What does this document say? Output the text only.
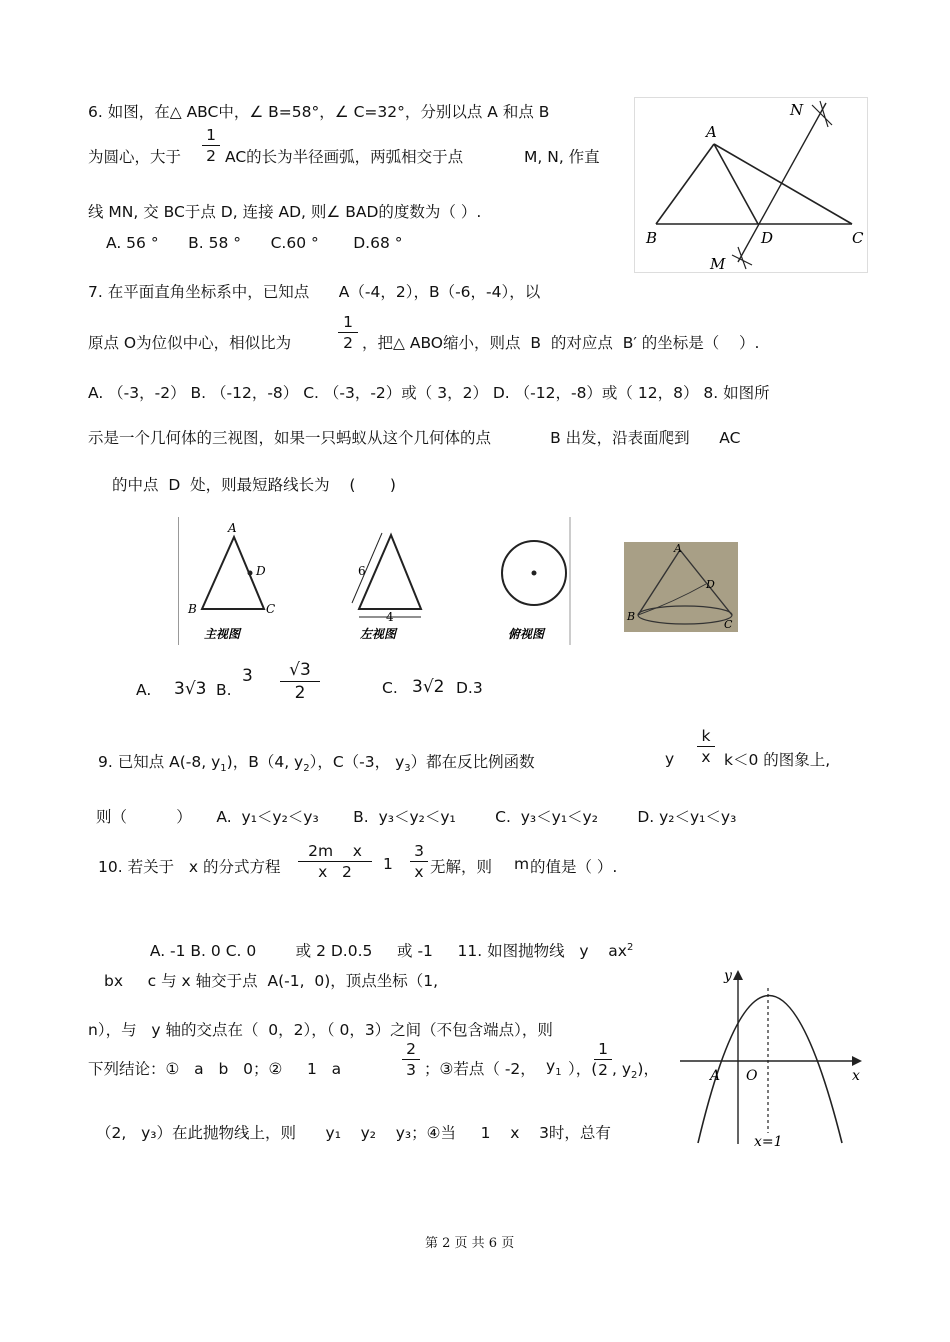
6. 如图，在△ ABC中，∠ B=58°，∠ C=32°，分别以点 A 和点 B
为圆心，大于
1
2 AC的长为半径画弧，两弧相交于点	M, N, 作直
线 MN, 交 BC于点 D, 连接 AD, 则∠ BAD的度数为（ ）.
A. 56 °      B. 58 °      C.60 °       D.68 °
A
B	C
D
M
N
7. 在平面直角坐标系中，已知点      A（-4，2），B（-6，-4），以
原点 O为位似中心，相似比为
1
2 ，把△ ABO缩小，则点  B  的对应点  B′ 的坐标是（    ）.
A. （-3，-2） B. （-12，-8） C. （-3，-2）或（ 3，2） D. （-12，-8）或（ 12，8） 8. 如图所
示是一个几何体的三视图，如果一只蚂蚁从这个几何体的点            B 出发，沿表面爬到      AC
的中点  D  处，则最短路线长为    (       )
A
B	C
D
主视图
6
4
左视图	俯视图
A
B
C
D
A. 3√3 B.
3	√3
2	C. 3√2 D.3
9. 已知点 A(-8, $y_1$)，B（4, $y_2$），C（-3， $y_3$）都在反比例函数	y
k
x k＜0 的图象上,
则（          ）     A.  y₁＜y₂＜y₃       B.  y₃＜y₂＜y₁        C.  y₃＜y₁＜y₂        D. y₂＜y₁＜y₃
10. 若关于   x 的分式方程
2m    x
x   2	1
3
x 无解，则 m 的值是（ ）.

A. -1 B. 0 C. 0        或 2 D.0.5     或 -1     11. 如图抛物线   y    $ax^2$

bx     c 与 x 轴交于点  A(-1,  0)，顶点坐标（1,
n），与   y 轴的交点在（  0，2），（ 0，3）之间（不包含端点），则
下列结论：①   a   b   0；②     1   a
2
3 ；③若点（ -2， $y_1$ ），(
1
2 , $y_2$)，
（2,   y₃）在此抛物线上，则      y₁    y₂    y₃；④当     1    x    3时，总有
y
x
A O
x=1
第 2 页 共 6 页
